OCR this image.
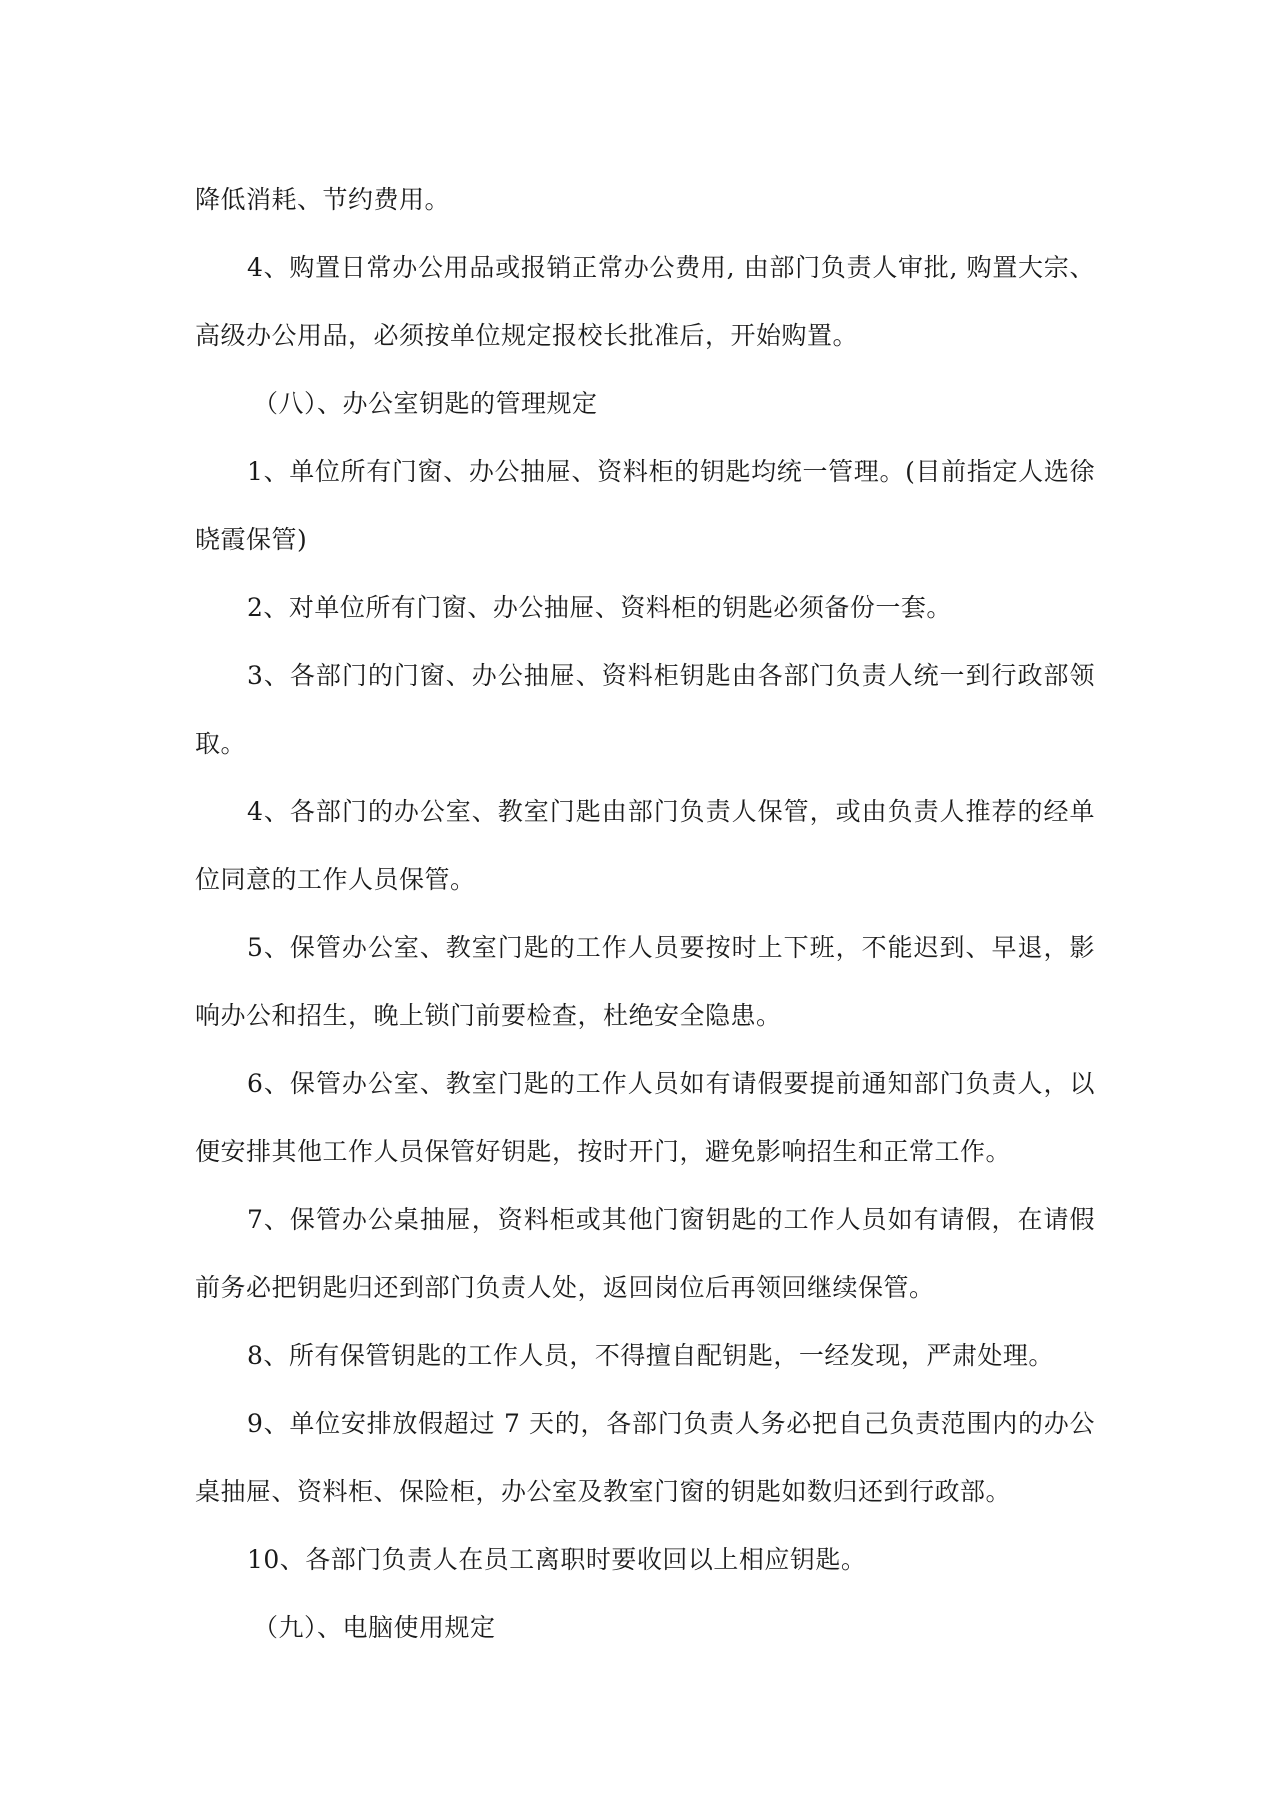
降低消耗、节约费用。
4、购置日常办公用品或报销正常办公费用, 由部门负责人审批, 购置大宗、
高级办公用品，必须按单位规定报校长批准后，开始购置。
（八）、办公室钥匙的管理规定
1、单位所有门窗、办公抽屉、资料柜的钥匙均统一管理。(目前指定人选徐
晓霞保管)
2、对单位所有门窗、办公抽屉、资料柜的钥匙必须备份一套。
3、各部门的门窗、办公抽屉、资料柜钥匙由各部门负责人统一到行政部领
取。
4、各部门的办公室、教室门匙由部门负责人保管，或由负责人推荐的经单
位同意的工作人员保管。
5、保管办公室、教室门匙的工作人员要按时上下班，不能迟到、早退，影
响办公和招生，晚上锁门前要检查，杜绝安全隐患。
6、保管办公室、教室门匙的工作人员如有请假要提前通知部门负责人，以
便安排其他工作人员保管好钥匙，按时开门，避免影响招生和正常工作。
7、保管办公桌抽屉，资料柜或其他门窗钥匙的工作人员如有请假，在请假
前务必把钥匙归还到部门负责人处，返回岗位后再领回继续保管。
8、所有保管钥匙的工作人员，不得擅自配钥匙，一经发现，严肃处理。
9、单位安排放假超过 7 天的，各部门负责人务必把自己负责范围内的办公
桌抽屉、资料柜、保险柜，办公室及教室门窗的钥匙如数归还到行政部。
10、各部门负责人在员工离职时要收回以上相应钥匙。
（九）、电脑使用规定
